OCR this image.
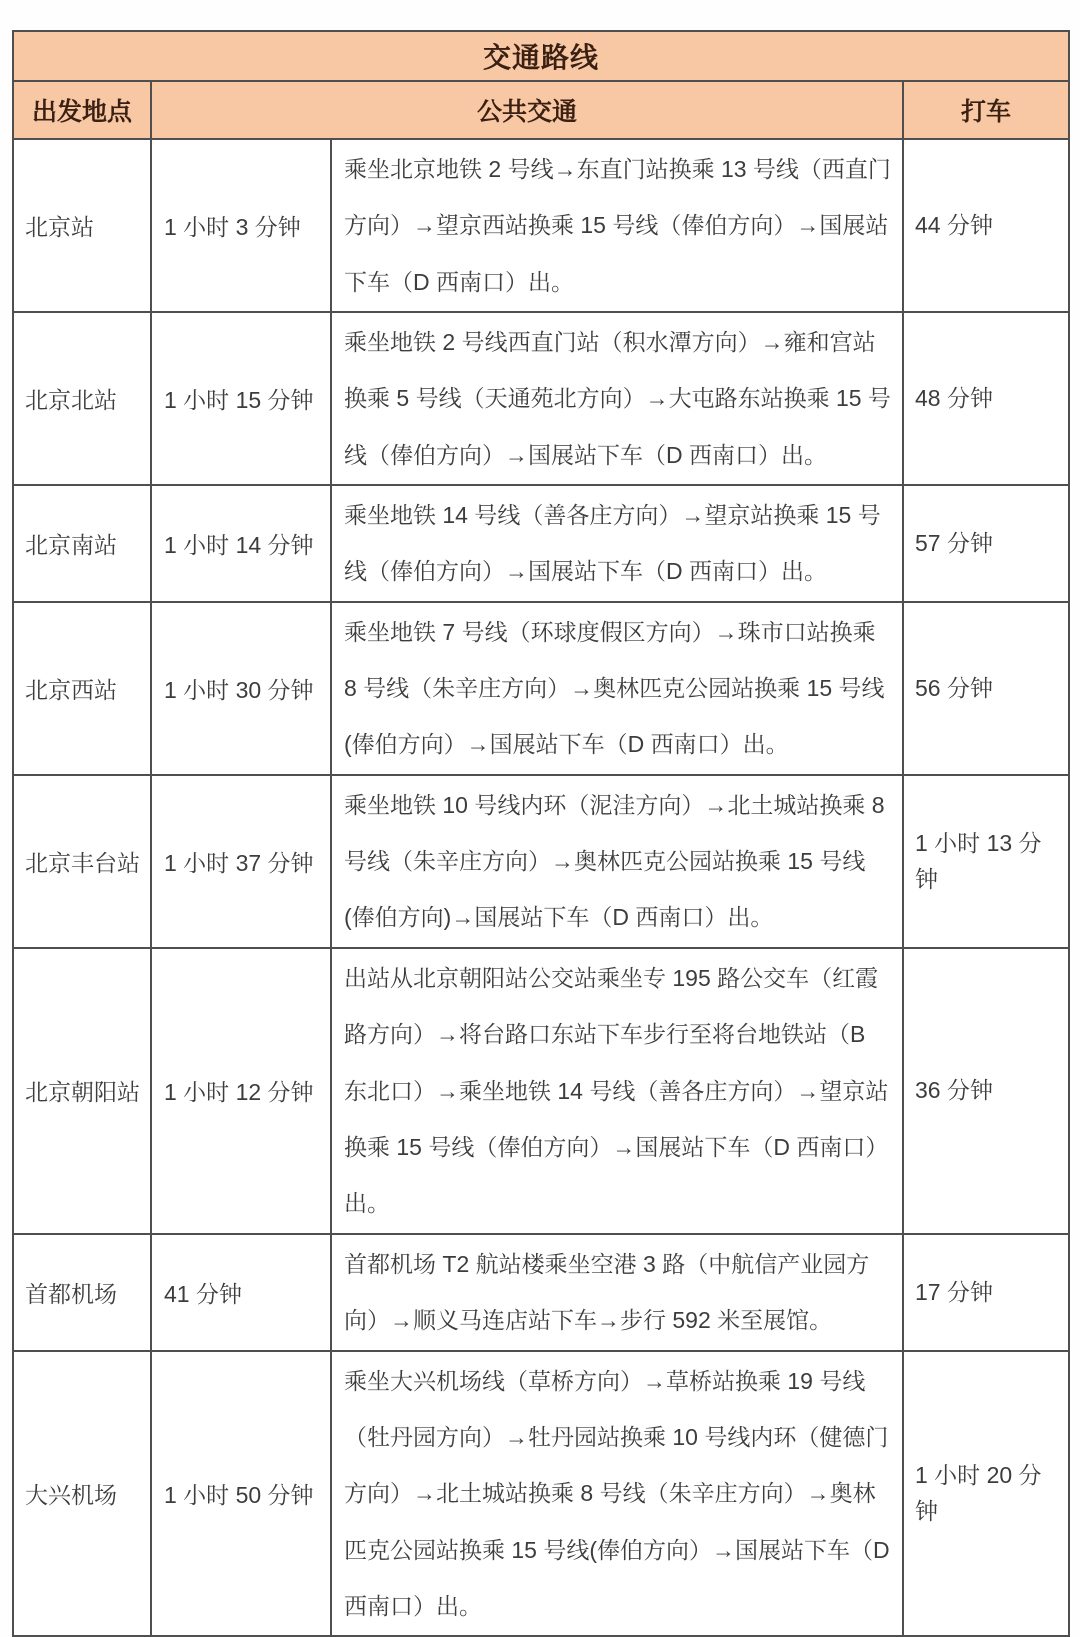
交通路线			
出发地点	公共交通		打车
北京站	1 小时 3 分钟	乘坐北京地铁 2 号线→东直门站换乘 13 号线（西直门方向）→望京西站换乘 15 号线（俸伯方向）→国展站下车（D 西南口）出。	44 分钟
北京北站	1 小时 15 分钟	乘坐地铁 2 号线西直门站（积水潭方向）→雍和宫站换乘 5 号线（天通苑北方向）→大屯路东站换乘 15 号线（俸伯方向）→国展站下车（D 西南口）出。	48 分钟
北京南站	1 小时 14 分钟	乘坐地铁 14 号线（善各庄方向）→望京站换乘 15 号线（俸伯方向）→国展站下车（D 西南口）出。	57 分钟
北京西站	1 小时 30 分钟	乘坐地铁 7 号线（环球度假区方向）→珠市口站换乘 8 号线（朱辛庄方向）→奥林匹克公园站换乘 15 号线(俸伯方向）→国展站下车（D 西南口）出。	56 分钟
北京丰台站	1 小时 37 分钟	乘坐地铁 10 号线内环（泥洼方向）→北土城站换乘 8 号线（朱辛庄方向）→奥林匹克公园站换乘 15 号线(俸伯方向)→国展站下车（D 西南口）出。	1 小时 13 分钟
北京朝阳站	1 小时 12 分钟	出站从北京朝阳站公交站乘坐专 195 路公交车（红霞路方向）→将台路口东站下车步行至将台地铁站（B 东北口）→乘坐地铁 14 号线（善各庄方向）→望京站换乘 15 号线（俸伯方向）→国展站下车（D 西南口）出。	36 分钟
首都机场	41 分钟	首都机场 T2 航站楼乘坐空港 3 路（中航信产业园方向）→顺义马连店站下车→步行 592 米至展馆。	17 分钟
大兴机场	1 小时 50 分钟	乘坐大兴机场线（草桥方向）→草桥站换乘 19 号线（牡丹园方向）→牡丹园站换乘 10 号线内环（健德门方向）→北土城站换乘 8 号线（朱辛庄方向）→奥林匹克公园站换乘 15 号线(俸伯方向）→国展站下车（D 西南口）出。	1 小时 20 分钟
